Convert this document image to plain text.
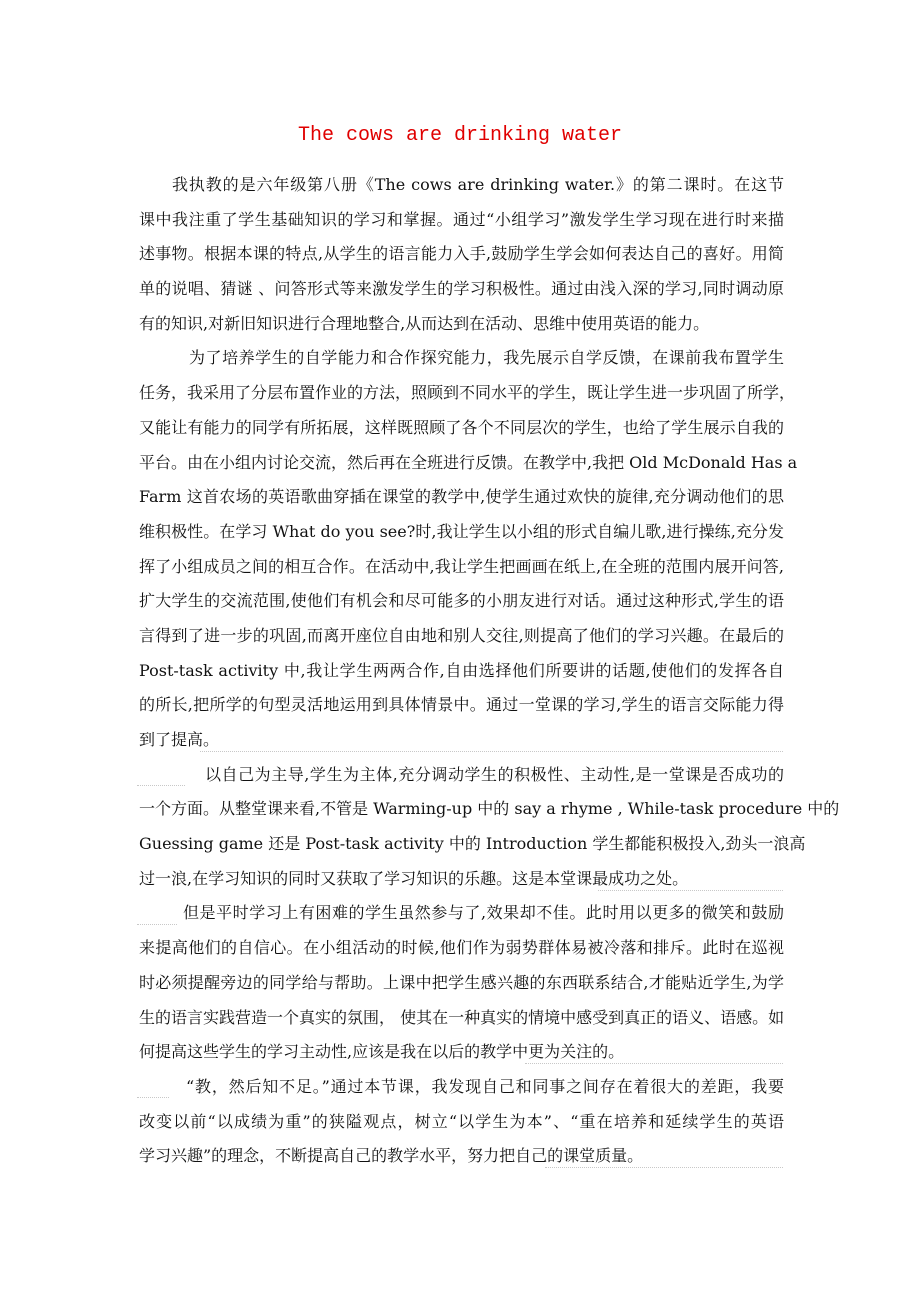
The cows are drinking water
我执教的是六年级第八册《The cows are drinking water.》的第二课时。在这节
课中我注重了学生基础知识的学习和掌握。通过“小组学习”激发学生学习现在进行时来描
述事物。根据本课的特点,从学生的语言能力入手,鼓励学生学会如何表达自己的喜好。用简
单的说唱、猜谜 、问答形式等来激发学生的学习积极性。通过由浅入深的学习,同时调动原
有的知识,对新旧知识进行合理地整合,从而达到在活动、思维中使用英语的能力。
为了培养学生的自学能力和合作探究能力，我先展示自学反馈，在课前我布置学生
任务，我采用了分层布置作业的方法，照顾到不同水平的学生，既让学生进一步巩固了所学，
又能让有能力的同学有所拓展，这样既照顾了各个不同层次的学生，也给了学生展示自我的
平台。由在小组内讨论交流，然后再在全班进行反馈。在教学中,我把 Old McDonald Has a
Farm 这首农场的英语歌曲穿插在课堂的教学中,使学生通过欢快的旋律,充分调动他们的思
维积极性。在学习 What do you see?时,我让学生以小组的形式自编儿歌,进行操练,充分发
挥了小组成员之间的相互合作。在活动中,我让学生把画画在纸上,在全班的范围内展开问答,
扩大学生的交流范围,使他们有机会和尽可能多的小朋友进行对话。通过这种形式,学生的语
言得到了进一步的巩固,而离开座位自由地和别人交往,则提高了他们的学习兴趣。在最后的
Post-task activity 中,我让学生两两合作,自由选择他们所要讲的话题,使他们的发挥各自
的所长,把所学的句型灵活地运用到具体情景中。通过一堂课的学习,学生的语言交际能力得
到了提高。
以自己为主导,学生为主体,充分调动学生的积极性、主动性,是一堂课是否成功的
一个方面。从整堂课来看,不管是 Warming-up 中的 say a rhyme , While-task procedure 中的
Guessing game 还是 Post-task activity 中的 Introduction 学生都能积极投入,劲头一浪高
过一浪,在学习知识的同时又获取了学习知识的乐趣。这是本堂课最成功之处。
但是平时学习上有困难的学生虽然参与了,效果却不佳。此时用以更多的微笑和鼓励
来提高他们的自信心。在小组活动的时候,他们作为弱势群体易被冷落和排斥。此时在巡视
时必须提醒旁边的同学给与帮助。上课中把学生感兴趣的东西联系结合,才能贴近学生,为学
生的语言实践营造一个真实的氛围， 使其在一种真实的情境中感受到真正的语义、语感。如
何提高这些学生的学习主动性,应该是我在以后的教学中更为关注的。
“教，然后知不足。”通过本节课，我发现自己和同事之间存在着很大的差距，我要
改变以前“以成绩为重”的狭隘观点，树立“以学生为本”、“重在培养和延续学生的英语
学习兴趣”的理念，不断提高自己的教学水平，努力把自己的课堂质量。
